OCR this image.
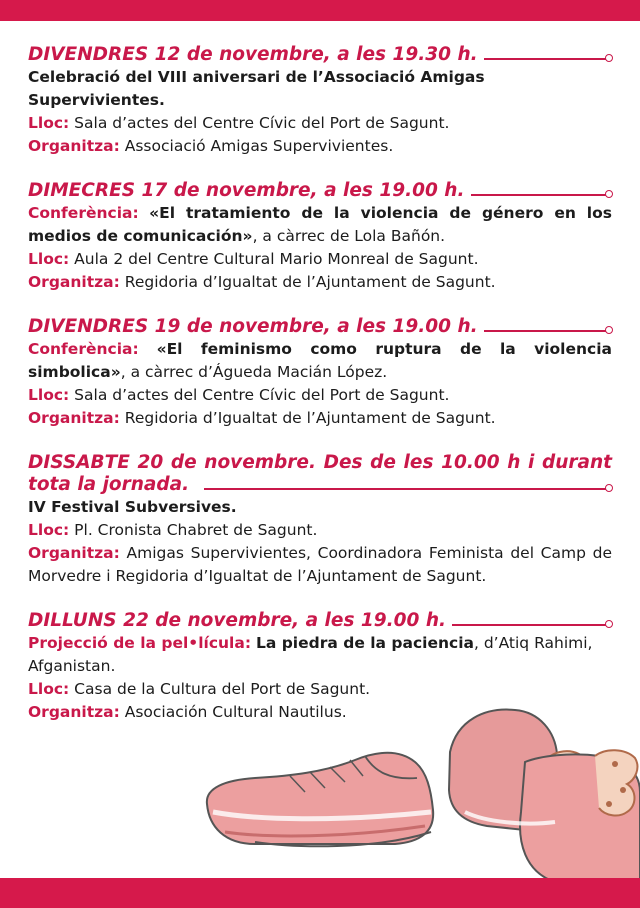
DIVENDRES 12 de novembre, a les 19.30 h.
Celebració del VIII aniversari de l’Associació Amigas Supervivientes.
Lloc: Sala d’actes del Centre Cívic del Port de Sagunt.
Organitza: Associació Amigas Supervivientes.
DIMECRES 17 de novembre, a les 19.00 h.
Conferència: «El tratamiento de la violencia de género en los medios de comunicación», a càrrec de Lola Bañón.
Lloc: Aula 2 del Centre Cultural Mario Monreal de Sagunt.
Organitza: Regidoria d’Igualtat de l’Ajuntament de Sagunt.
DIVENDRES 19 de novembre, a les 19.00 h.
Conferència: «El feminismo como ruptura de la violencia simbolica», a càrrec d’Águeda Macián López.
Lloc: Sala d’actes del Centre Cívic del Port de Sagunt.
Organitza: Regidoria d’Igualtat de l’Ajuntament de Sagunt.
DISSABTE 20 de novembre. Des de les 10.00 h i durant tota la jornada.
IV Festival Subversives.
Lloc: Pl. Cronista Chabret de Sagunt.
Organitza: Amigas Supervivientes, Coordinadora Feminista del Camp de Morvedre i Regidoria d’Igualtat de l’Ajuntament de Sagunt.
DILLUNS 22 de novembre, a les 19.00 h.
Projecció de la pel•lícula: La piedra de la paciencia, d’Atiq Rahimi, Afganistan.
Lloc: Casa de la Cultura del Port de Sagunt.
Organitza: Asociación Cultural Nautilus.
